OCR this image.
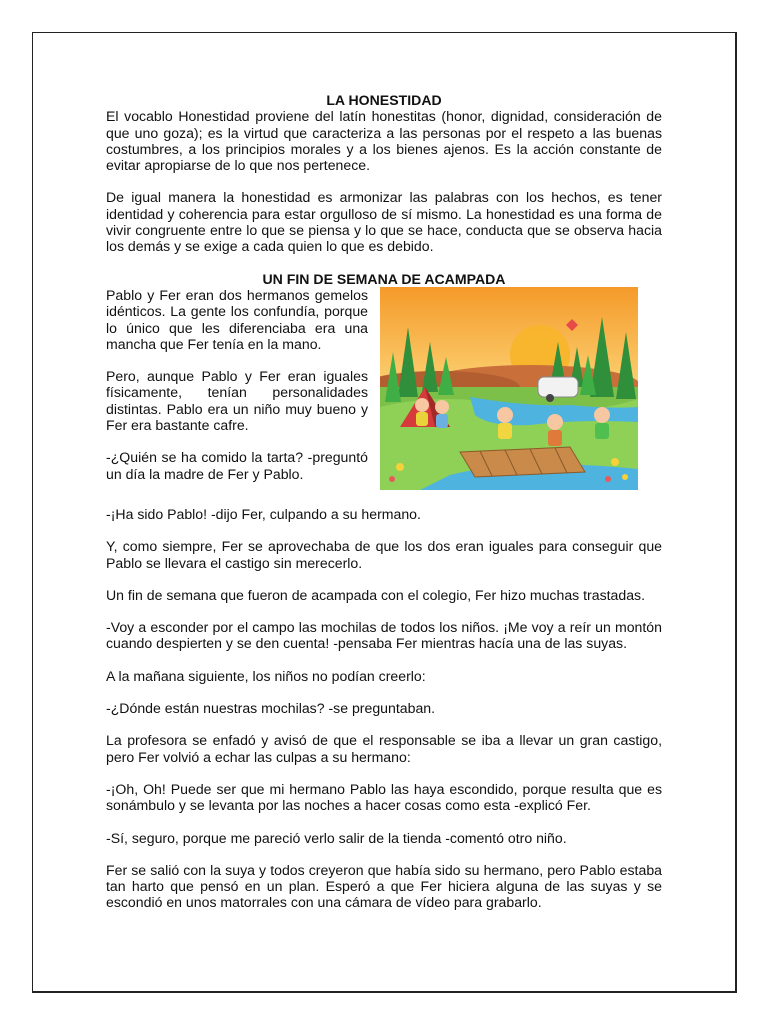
LA HONESTIDAD

El vocablo Honestidad proviene del latín honestitas (honor, dignidad, consideración de que uno goza); es la virtud que caracteriza a las personas por el respeto a las buenas costumbres, a los principios morales y a los bienes ajenos. Es la acción constante de evitar apropiarse de lo que nos pertenece.

De igual manera la honestidad es armonizar las palabras con los hechos, es tener identidad y coherencia para estar orgulloso de sí mismo. La honestidad es una forma de vivir congruente entre lo que se piensa y lo que se hace, conducta que se observa hacia los demás y se exige a cada quien lo que es debido.

UN FIN DE SEMANA DE ACAMPADA

Pablo y Fer eran dos hermanos gemelos idénticos. La gente los confundía, porque lo único que les diferenciaba era una mancha que Fer tenía en la mano.

Pero, aunque Pablo y Fer eran iguales físicamente, tenían personalidades distintas. Pablo era un niño muy bueno y Fer era bastante cafre.

-¿Quién se ha comido la tarta? -preguntó un día la madre de Fer y Pablo.

-¡Ha sido Pablo! -dijo Fer, culpando a su hermano.

Y, como siempre, Fer se aprovechaba de que los dos eran iguales para conseguir que Pablo se llevara el castigo sin merecerlo.

Un fin de semana que fueron de acampada con el colegio, Fer hizo muchas trastadas.

-Voy a esconder por el campo las mochilas de todos los niños. ¡Me voy a reír un montón cuando despierten y se den cuenta! -pensaba Fer mientras hacía una de las suyas.

A la mañana siguiente, los niños no podían creerlo:

-¿Dónde están nuestras mochilas? -se preguntaban.

La profesora se enfadó y avisó de que el responsable se iba a llevar un gran castigo, pero Fer volvió a echar las culpas a su hermano:

-¡Oh, Oh! Puede ser que mi hermano Pablo las haya escondido, porque resulta que es sonámbulo y se levanta por las noches a hacer cosas como esta -explicó Fer.

-Sí, seguro, porque me pareció verlo salir de la tienda -comentó otro niño.

Fer se salió con la suya y todos creyeron que había sido su hermano, pero Pablo estaba tan harto que pensó en un plan. Esperó a que Fer hiciera alguna de las suyas y se escondió en unos matorrales con una cámara de vídeo para grabarlo.
